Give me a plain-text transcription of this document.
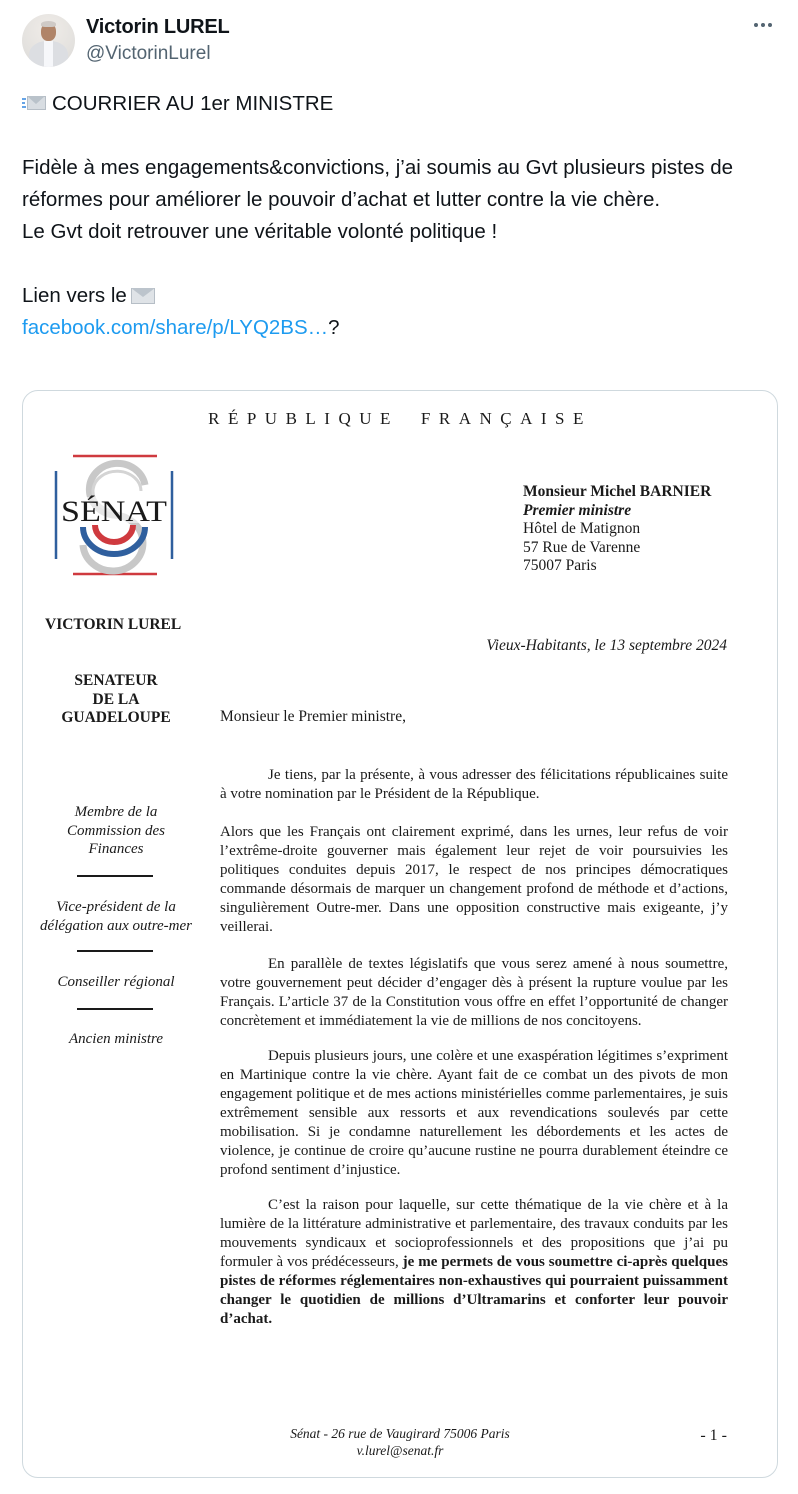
Victorin LUREL
@VictorinLurel

COURRIER AU 1er MINISTRE

Fidèle à mes engagements&convictions, j’ai soumis au Gvt plusieurs pistes de réformes pour améliorer le pouvoir d’achat et lutter contre la vie chère.

Le Gvt doit retrouver une véritable volonté politique !

Lien vers le

facebook.com/share/p/LYQ2BS…?

RÉPUBLIQUE FRANÇAISE
SÉNAT
Monsieur Michel BARNIER
Premier ministre
Hôtel de Matignon
57 Rue de Varenne
75007 Paris
VICTORIN LUREL
Vieux-Habitants, le 13 septembre 2024
SENATEUR
DE LA
GUADELOUPE
Membre de la Commission des Finances
Vice-président de la délégation aux outre-mer
Conseiller régional
Ancien ministre
Monsieur le Premier ministre,
Je tiens, par la présente, à vous adresser des félicitations républicaines suite à votre nomination par le Président de la République.
Alors que les Français ont clairement exprimé, dans les urnes, leur refus de voir l’extrême-droite gouverner mais également leur rejet de voir poursuivies les politiques conduites depuis 2017, le respect de nos principes démocratiques commande désormais de marquer un changement profond de méthode et d’actions, singulièrement Outre-mer. Dans une opposition constructive mais exigeante, j’y veillerai.
En parallèle de textes législatifs que vous serez amené à nous soumettre, votre gouvernement peut décider d’engager dès à présent la rupture voulue par les Français. L’article 37 de la Constitution vous offre en effet l’opportunité de changer concrètement et immédiatement la vie de millions de nos concitoyens.
Depuis plusieurs jours, une colère et une exaspération légitimes s’expriment en Martinique contre la vie chère. Ayant fait de ce combat un des pivots de mon engagement politique et de mes actions ministérielles comme parlementaires, je suis extrêmement sensible aux ressorts et aux revendications soulevés par cette mobilisation. Si je condamne naturellement les débordements et les actes de violence, je continue de croire qu’aucune rustine ne pourra durablement éteindre ce profond sentiment d’injustice.
C’est la raison pour laquelle, sur cette thématique de la vie chère et à la lumière de la littérature administrative et parlementaire, des travaux conduits par les mouvements syndicaux et socioprofessionnels et des propositions que j’ai pu formuler à vos prédécesseurs, je me permets de vous soumettre ci-après quelques pistes de réformes réglementaires non-exhaustives qui pourraient puissamment changer le quotidien de millions d’Ultramarins et conforter leur pouvoir d’achat.
Sénat - 26 rue de Vaugirard 75006 Paris
v.lurel@senat.fr
- 1 -
